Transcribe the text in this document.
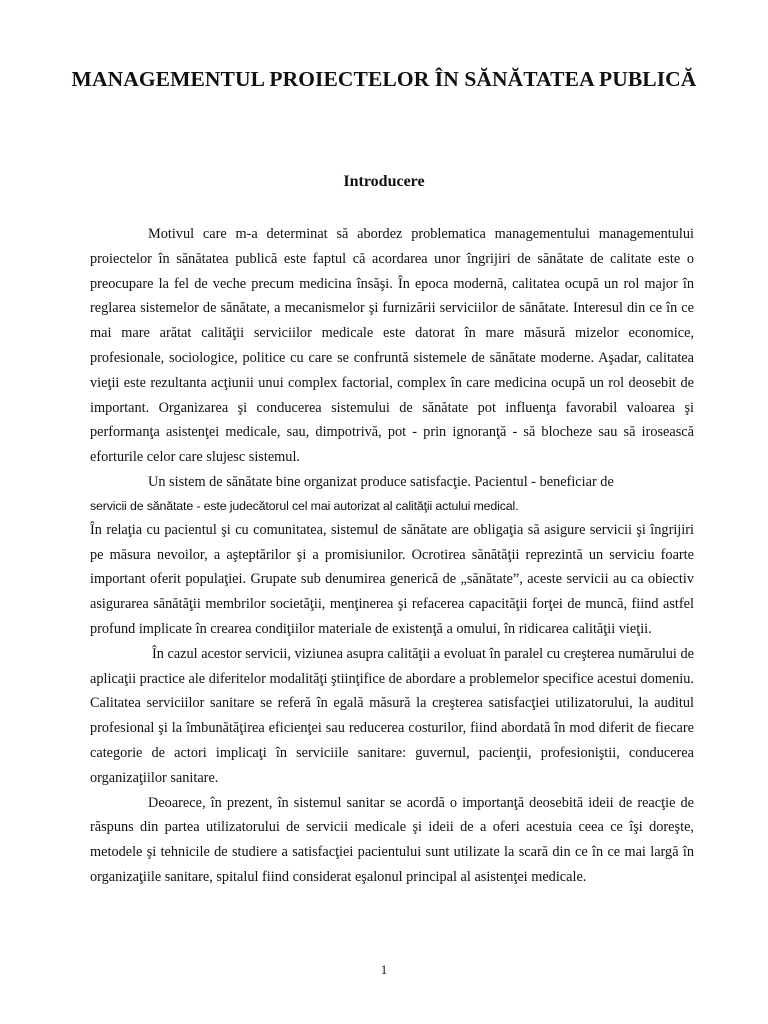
MANAGEMENTUL PROIECTELOR ÎN SĂNĂTATEA PUBLICĂ
Introducere

Motivul care m-a determinat să abordez problematica managementului managementului proiectelor în sănătatea publică este faptul că acordarea unor îngrijiri de sănătate de calitate este o preocupare la fel de veche precum medicina însăşi. În epoca modernă, calitatea ocupă un rol major în reglarea sistemelor de sănătate, a mecanismelor şi furnizării serviciilor de sănătate. Interesul din ce în ce mai mare arătat calităţii serviciilor medicale este datorat în mare măsură mizelor economice, profesionale, sociologice, politice cu care se confruntă sistemele de sănătate moderne. Aşadar, calitatea vieţii este rezultanta acţiunii unui complex factorial, complex în care medicina ocupă un rol deosebit de important. Organizarea şi conducerea sistemului de sănătate pot influenţa favorabil valoarea şi performanţa asistenţei medicale, sau, dimpotrivă, pot - prin ignoranţă - să blocheze sau să irosească eforturile celor care slujesc sistemul.

Un sistem de sănătate bine organizat produce satisfacţie. Pacientul - beneficiar de

servicii de sănătate - este judecătorul cel mai autorizat al calităţii actului medical.

În relaţia cu pacientul şi cu comunitatea, sistemul de sănătate are obligaţia să asigure servicii şi îngrijiri pe măsura nevoilor, a aşteptărilor şi a promisiunilor. Ocrotirea sănătăţii reprezintă un serviciu foarte important oferit populaţiei. Grupate sub denumirea generică de „sănătate”, aceste servicii au ca obiectiv asigurarea sănătăţii membrilor societăţii, menţinerea şi refacerea capacităţii forţei de muncă, fiind astfel profund implicate în crearea condiţiilor materiale de existenţă a omului, în ridicarea calităţii vieţii.

În cazul acestor servicii, viziunea asupra calităţii a evoluat în paralel cu creşterea numărului de aplicaţii practice ale diferitelor modalităţi ştiinţifice de abordare a problemelor specifice acestui domeniu. Calitatea serviciilor sanitare se referă în egală măsură la creşterea satisfacţiei utilizatorului, la auditul profesional şi la îmbunătăţirea eficienţei sau reducerea costurilor, fiind abordată în mod diferit de fiecare categorie de actori implicaţi în serviciile sanitare: guvernul, pacienţii, profesioniştii, conducerea organizaţiilor sanitare.

Deoarece, în prezent, în sistemul sanitar se acordă o importanţă deosebită ideii de reacţie de răspuns din partea utilizatorului de servicii medicale şi ideii de a oferi acestuia ceea ce îşi doreşte, metodele şi tehnicile de studiere a satisfacţiei pacientului sunt utilizate la scară din ce în ce mai largă în organizaţiile sanitare, spitalul fiind considerat eşalonul principal al asistenţei medicale.

1
